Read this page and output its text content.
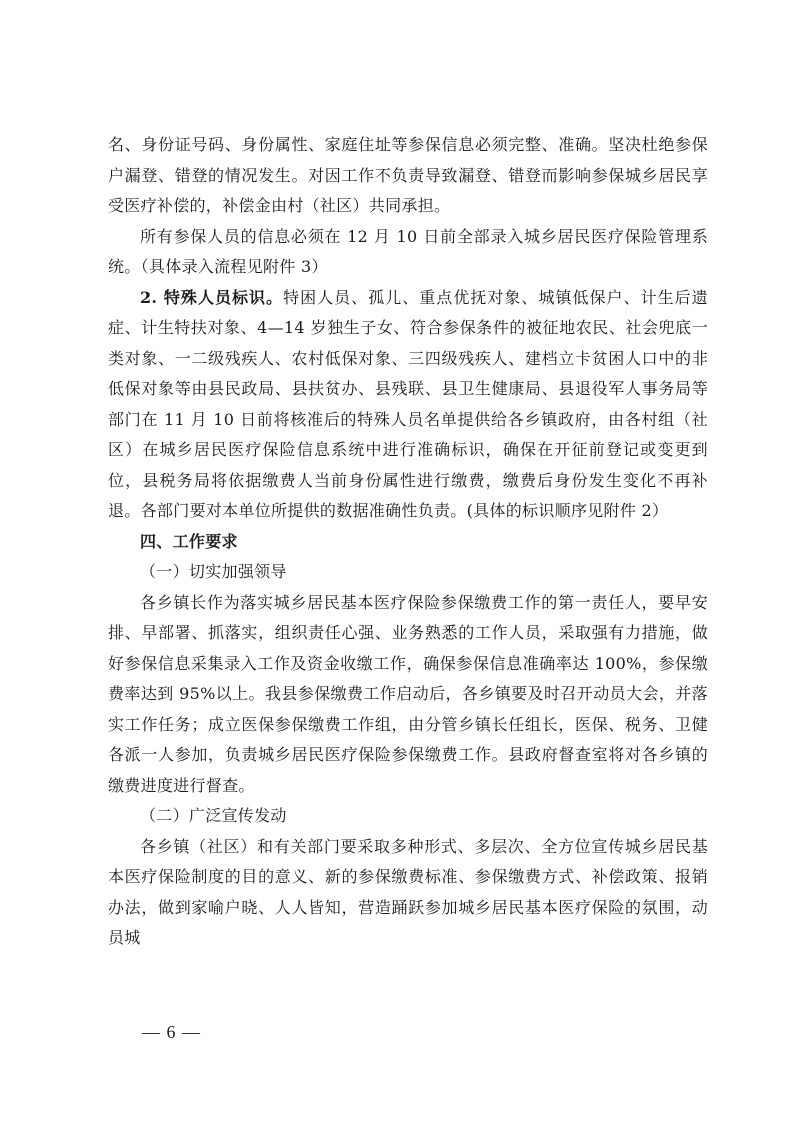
名、身份证号码、身份属性、家庭住址等参保信息必须完整、准确。坚决杜绝参保户漏登、错登的情况发生。对因工作不负责导致漏登、错登而影响参保城乡居民享受医疗补偿的，补偿金由村（社区）共同承担。

所有参保人员的信息必须在 12 月 10 日前全部录入城乡居民医疗保险管理系统。（具体录入流程见附件 3）

2. 特殊人员标识。特困人员、孤儿、重点优抚对象、城镇低保户、计生后遗症、计生特扶对象、4—14 岁独生子女、符合参保条件的被征地农民、社会兜底一类对象、一二级残疾人、农村低保对象、三四级残疾人、建档立卡贫困人口中的非低保对象等由县民政局、县扶贫办、县残联、县卫生健康局、县退役军人事务局等部门在 11 月 10 日前将核准后的特殊人员名单提供给各乡镇政府，由各村组（社区）在城乡居民医疗保险信息系统中进行准确标识，确保在开征前登记或变更到位，县税务局将依据缴费人当前身份属性进行缴费，缴费后身份发生变化不再补退。各部门要对本单位所提供的数据准确性负责。(具体的标识顺序见附件 2）

四、工作要求

（一）切实加强领导

各乡镇长作为落实城乡居民基本医疗保险参保缴费工作的第一责任人，要早安排、早部署、抓落实，组织责任心强、业务熟悉的工作人员，采取强有力措施，做好参保信息采集录入工作及资金收缴工作，确保参保信息准确率达 100%，参保缴费率达到 95%以上。我县参保缴费工作启动后，各乡镇要及时召开动员大会，并落实工作任务；成立医保参保缴费工作组，由分管乡镇长任组长，医保、税务、卫健各派一人参加，负责城乡居民医疗保险参保缴费工作。县政府督查室将对各乡镇的缴费进度进行督查。

（二）广泛宣传发动

各乡镇（社区）和有关部门要采取多种形式、多层次、全方位宣传城乡居民基本医疗保险制度的目的意义、新的参保缴费标准、参保缴费方式、补偿政策、报销办法，做到家喻户晓、人人皆知，营造踊跃参加城乡居民基本医疗保险的氛围，动员城

— 6 —
